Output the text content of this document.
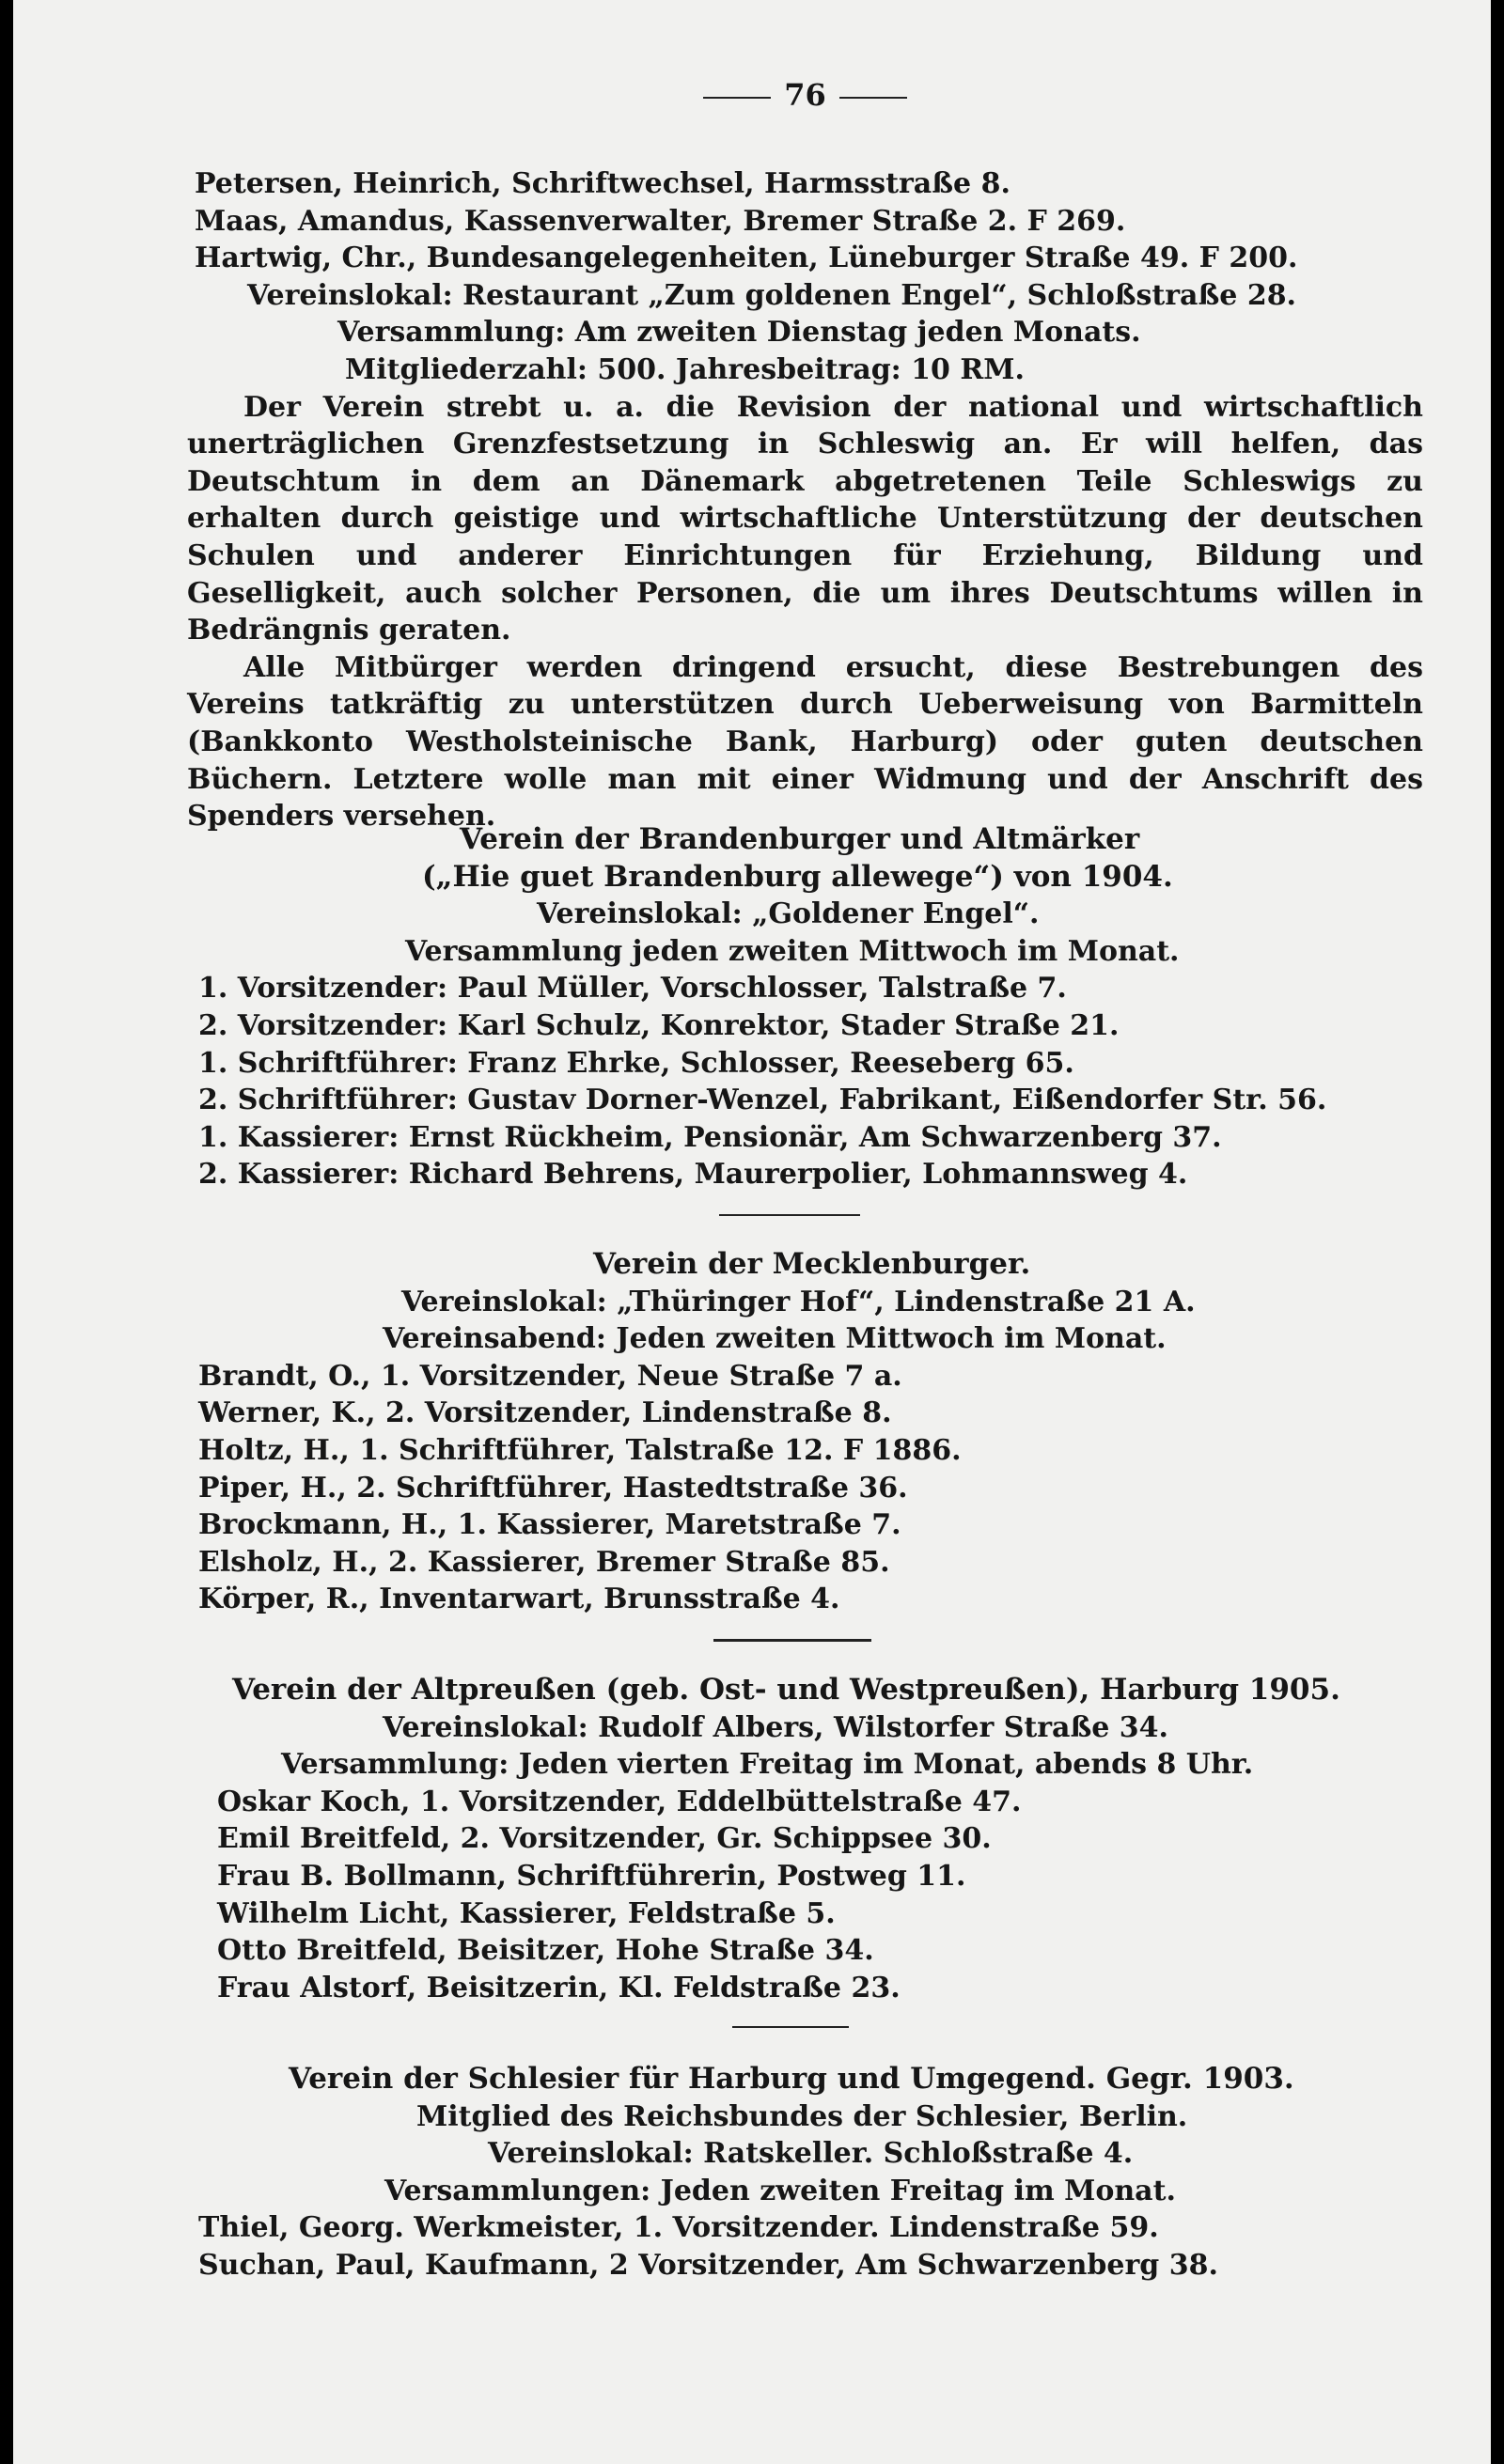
76
Petersen, Heinrich, Schriftwechsel, Harmsstraße 8.
Maas, Amandus, Kassenverwalter, Bremer Straße 2. F 269.
Hartwig, Chr., Bundesangelegenheiten, Lüneburger Straße 49. F 200.
Vereinslokal: Restaurant „Zum goldenen Engel“, Schloßstraße 28.
Versammlung: Am zweiten Dienstag jeden Monats.
Mitgliederzahl: 500. Jahresbeitrag: 10 RM.
Der Verein strebt u. a. die Revision der national und wirtschaftlich
unerträglichen Grenzfestsetzung in Schleswig an. Er will helfen, das
Deutschtum in dem an Dänemark abgetretenen Teile Schleswigs zu
erhalten durch geistige und wirtschaftliche Unterstützung der deutschen
Schulen und anderer Einrichtungen für Erziehung, Bildung und
Geselligkeit, auch solcher Personen, die um ihres Deutschtums willen in
Bedrängnis geraten.
Alle Mitbürger werden dringend ersucht, diese Bestrebungen des
Vereins tatkräftig zu unterstützen durch Ueberweisung von Barmitteln
(Bankkonto Westholsteinische Bank, Harburg) oder guten deutschen
Büchern. Letztere wolle man mit einer Widmung und der Anschrift des
Spenders versehen.
Verein der Brandenburger und Altmärker
(„Hie guet Brandenburg allewege“) von 1904.
Vereinslokal: „Goldener Engel“.
Versammlung jeden zweiten Mittwoch im Monat.
1. Vorsitzender: Paul Müller, Vorschlosser, Talstraße 7.
2. Vorsitzender: Karl Schulz, Konrektor, Stader Straße 21.
1. Schriftführer: Franz Ehrke, Schlosser, Reeseberg 65.
2. Schriftführer: Gustav Dorner-Wenzel, Fabrikant, Eißendorfer Str. 56.
1. Kassierer: Ernst Rückheim, Pensionär, Am Schwarzenberg 37.
2. Kassierer: Richard Behrens, Maurerpolier, Lohmannsweg 4.
Verein der Mecklenburger.
Vereinslokal: „Thüringer Hof“, Lindenstraße 21 A.
Vereinsabend: Jeden zweiten Mittwoch im Monat.
Brandt, O., 1. Vorsitzender, Neue Straße 7 a.
Werner, K., 2. Vorsitzender, Lindenstraße 8.
Holtz, H., 1. Schriftführer, Talstraße 12. F 1886.
Piper, H., 2. Schriftführer, Hastedtstraße 36.
Brockmann, H., 1. Kassierer, Maretstraße 7.
Elsholz, H., 2. Kassierer, Bremer Straße 85.
Körper, R., Inventarwart, Brunsstraße 4.
Verein der Altpreußen (geb. Ost- und Westpreußen), Harburg 1905.
Vereinslokal: Rudolf Albers, Wilstorfer Straße 34.
Versammlung: Jeden vierten Freitag im Monat, abends 8 Uhr.
Oskar Koch, 1. Vorsitzender, Eddelbüttelstraße 47.
Emil Breitfeld, 2. Vorsitzender, Gr. Schippsee 30.
Frau B. Bollmann, Schriftführerin, Postweg 11.
Wilhelm Licht, Kassierer, Feldstraße 5.
Otto Breitfeld, Beisitzer, Hohe Straße 34.
Frau Alstorf, Beisitzerin, Kl. Feldstraße 23.
Verein der Schlesier für Harburg und Umgegend. Gegr. 1903.
Mitglied des Reichsbundes der Schlesier, Berlin.
Vereinslokal: Ratskeller. Schloßstraße 4.
Versammlungen: Jeden zweiten Freitag im Monat.
Thiel, Georg. Werkmeister, 1. Vorsitzender. Lindenstraße 59.
Suchan, Paul, Kaufmann, 2 Vorsitzender, Am Schwarzenberg 38.
